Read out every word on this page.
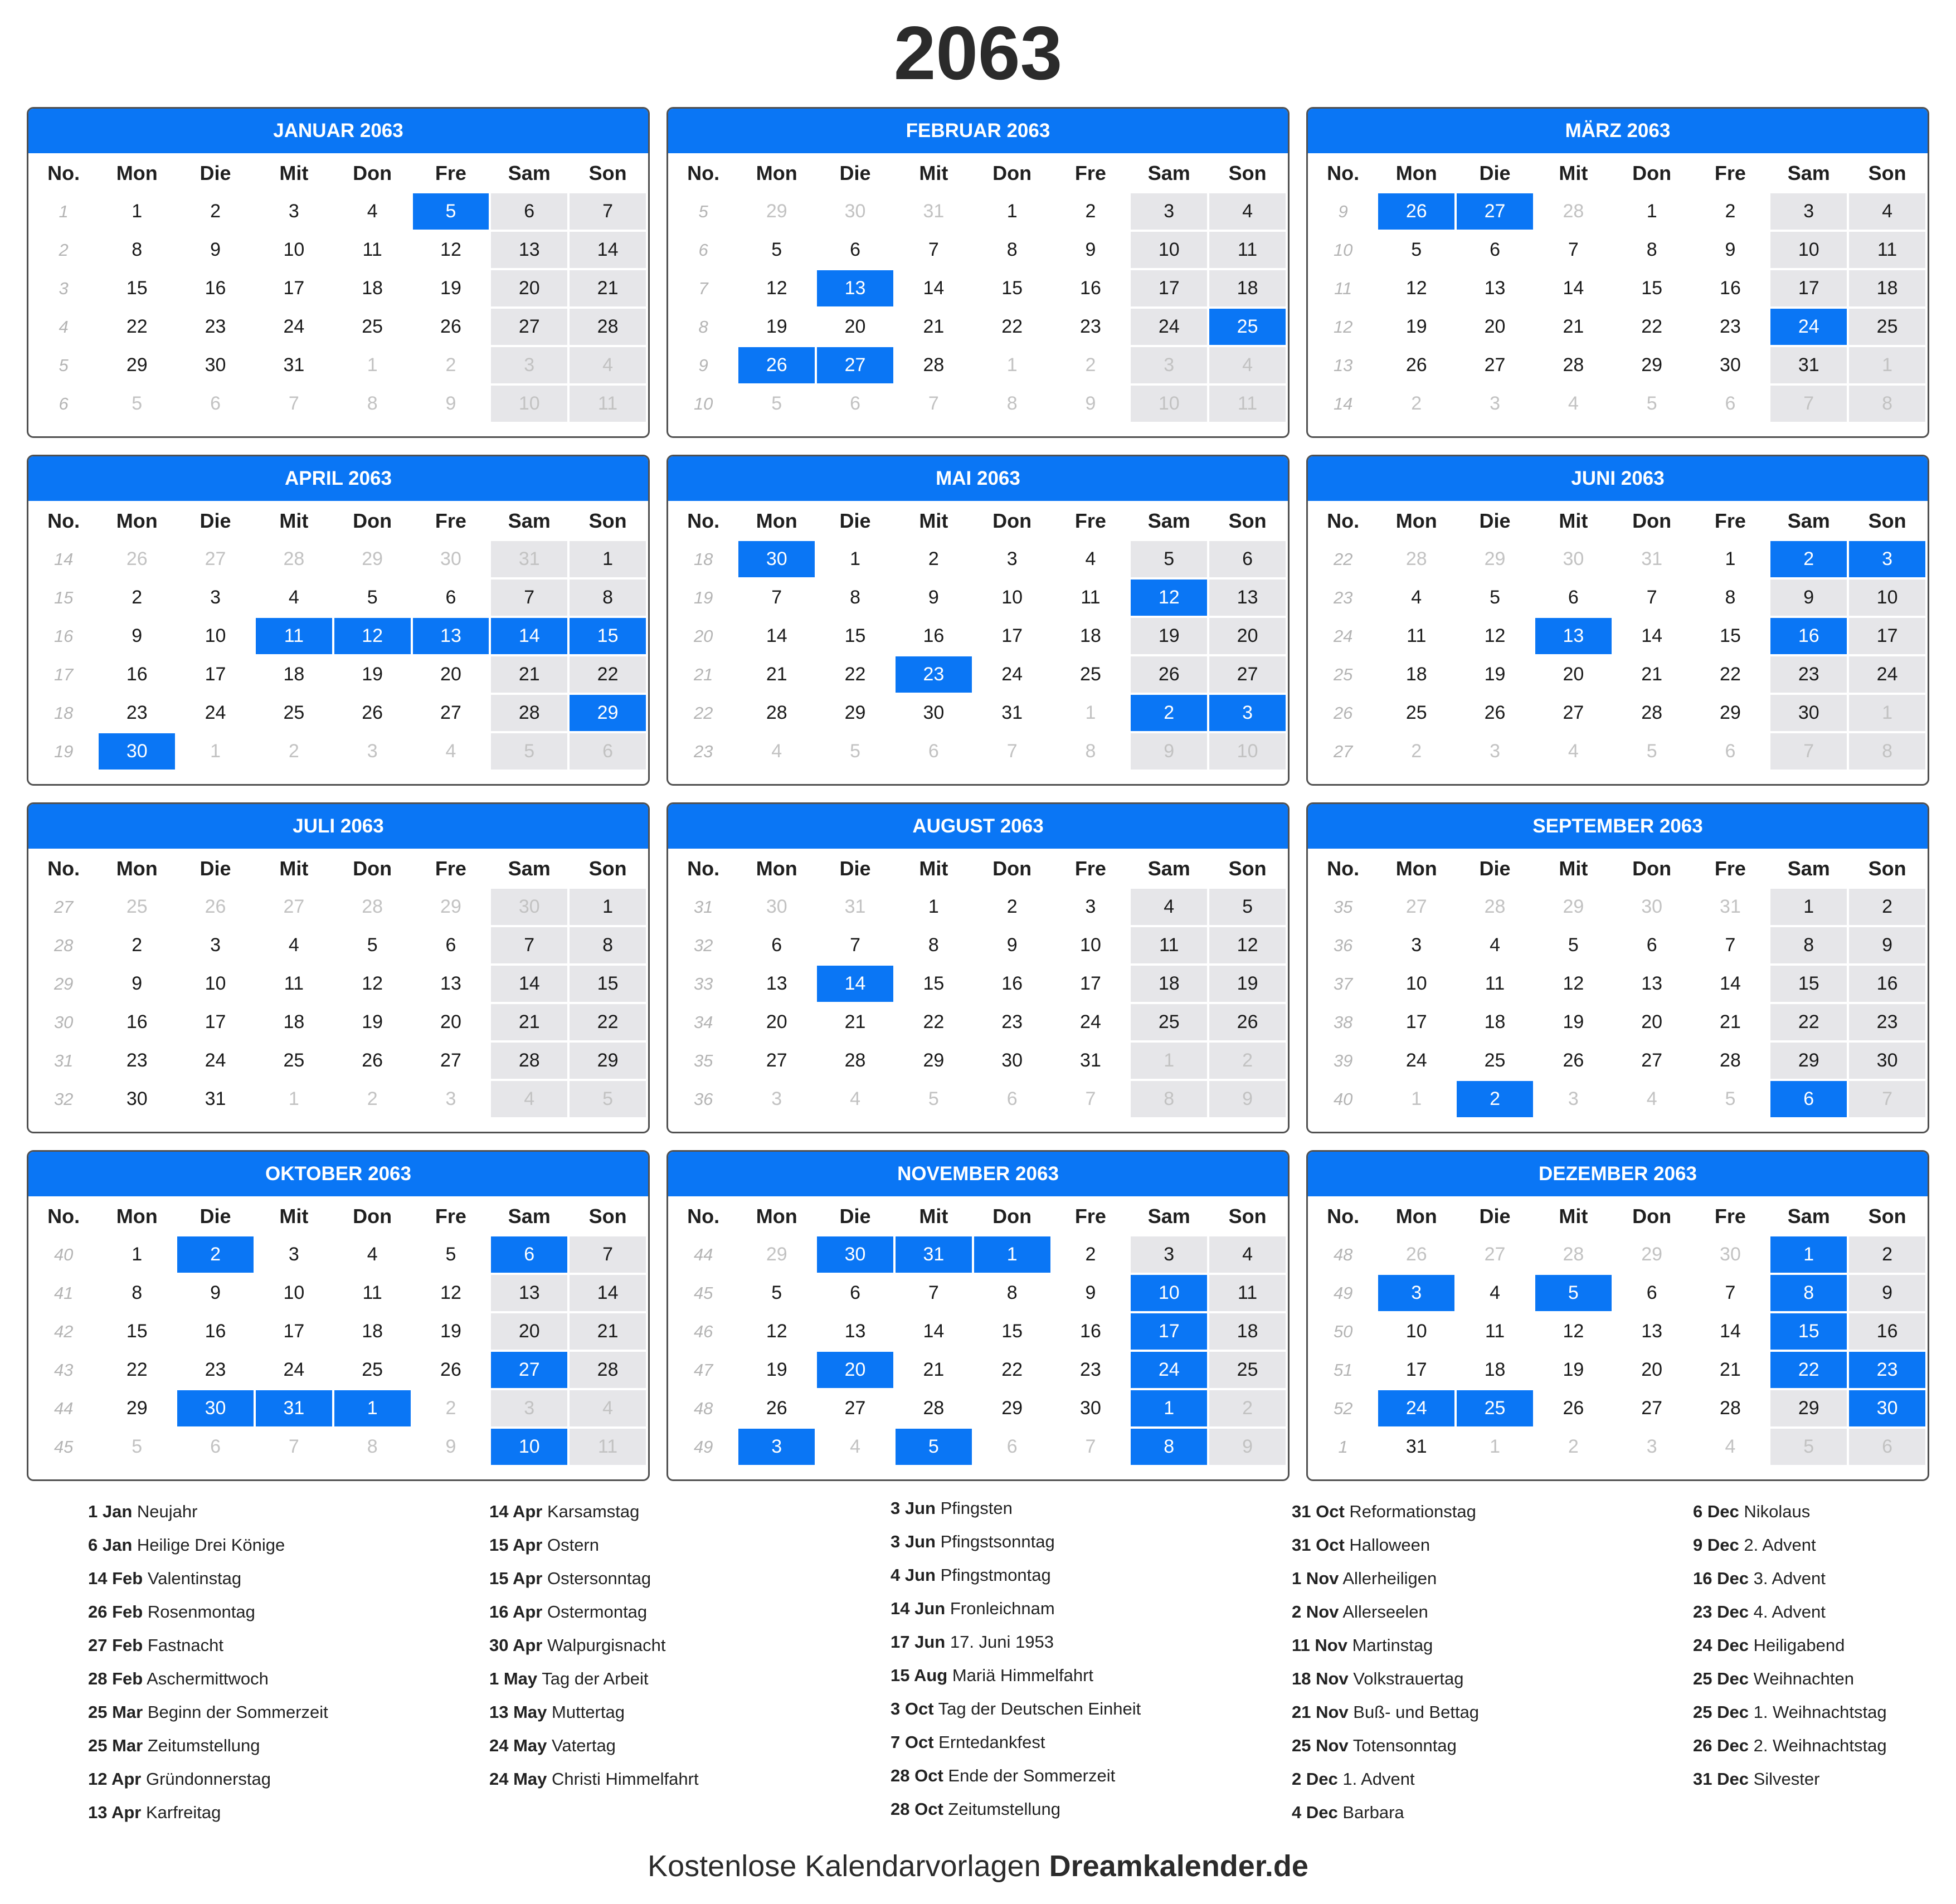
2063
JANUAR 2063
No.	Mon	Die	Mit	Don	Fre	Sam	Son
1	1	2	3	4	5	6	7
2	8	9	10	11	12	13	14
3	15	16	17	18	19	20	21
4	22	23	24	25	26	27	28
5	29	30	31	1	2	3	4
6	5	6	7	8	9	10	11
FEBRUAR 2063
No.	Mon	Die	Mit	Don	Fre	Sam	Son
5	29	30	31	1	2	3	4
6	5	6	7	8	9	10	11
7	12	13	14	15	16	17	18
8	19	20	21	22	23	24	25
9	26	27	28	1	2	3	4
10	5	6	7	8	9	10	11
MÄRZ 2063
No.	Mon	Die	Mit	Don	Fre	Sam	Son
9	26	27	28	1	2	3	4
10	5	6	7	8	9	10	11
11	12	13	14	15	16	17	18
12	19	20	21	22	23	24	25
13	26	27	28	29	30	31	1
14	2	3	4	5	6	7	8
APRIL 2063
No.	Mon	Die	Mit	Don	Fre	Sam	Son
14	26	27	28	29	30	31	1
15	2	3	4	5	6	7	8
16	9	10	11	12	13	14	15
17	16	17	18	19	20	21	22
18	23	24	25	26	27	28	29
19	30	1	2	3	4	5	6
MAI 2063
No.	Mon	Die	Mit	Don	Fre	Sam	Son
18	30	1	2	3	4	5	6
19	7	8	9	10	11	12	13
20	14	15	16	17	18	19	20
21	21	22	23	24	25	26	27
22	28	29	30	31	1	2	3
23	4	5	6	7	8	9	10
JUNI 2063
No.	Mon	Die	Mit	Don	Fre	Sam	Son
22	28	29	30	31	1	2	3
23	4	5	6	7	8	9	10
24	11	12	13	14	15	16	17
25	18	19	20	21	22	23	24
26	25	26	27	28	29	30	1
27	2	3	4	5	6	7	8
JULI 2063
No.	Mon	Die	Mit	Don	Fre	Sam	Son
27	25	26	27	28	29	30	1
28	2	3	4	5	6	7	8
29	9	10	11	12	13	14	15
30	16	17	18	19	20	21	22
31	23	24	25	26	27	28	29
32	30	31	1	2	3	4	5
AUGUST 2063
No.	Mon	Die	Mit	Don	Fre	Sam	Son
31	30	31	1	2	3	4	5
32	6	7	8	9	10	11	12
33	13	14	15	16	17	18	19
34	20	21	22	23	24	25	26
35	27	28	29	30	31	1	2
36	3	4	5	6	7	8	9
SEPTEMBER 2063
No.	Mon	Die	Mit	Don	Fre	Sam	Son
35	27	28	29	30	31	1	2
36	3	4	5	6	7	8	9
37	10	11	12	13	14	15	16
38	17	18	19	20	21	22	23
39	24	25	26	27	28	29	30
40	1	2	3	4	5	6	7
OKTOBER 2063
No.	Mon	Die	Mit	Don	Fre	Sam	Son
40	1	2	3	4	5	6	7
41	8	9	10	11	12	13	14
42	15	16	17	18	19	20	21
43	22	23	24	25	26	27	28
44	29	30	31	1	2	3	4
45	5	6	7	8	9	10	11
NOVEMBER 2063
No.	Mon	Die	Mit	Don	Fre	Sam	Son
44	29	30	31	1	2	3	4
45	5	6	7	8	9	10	11
46	12	13	14	15	16	17	18
47	19	20	21	22	23	24	25
48	26	27	28	29	30	1	2
49	3	4	5	6	7	8	9
DEZEMBER 2063
No.	Mon	Die	Mit	Don	Fre	Sam	Son
48	26	27	28	29	30	1	2
49	3	4	5	6	7	8	9
50	10	11	12	13	14	15	16
51	17	18	19	20	21	22	23
52	24	25	26	27	28	29	30
1	31	1	2	3	4	5	6
1 Jan Neujahr
6 Jan Heilige Drei Könige
14 Feb Valentinstag
26 Feb Rosenmontag
27 Feb Fastnacht
28 Feb Aschermittwoch
25 Mar Beginn der Sommerzeit
25 Mar Zeitumstellung
12 Apr Gründonnerstag
13 Apr Karfreitag
14 Apr Karsamstag
15 Apr Ostern
15 Apr Ostersonntag
16 Apr Ostermontag
30 Apr Walpurgisnacht
1 May Tag der Arbeit
13 May Muttertag
24 May Vatertag
24 May Christi Himmelfahrt
3 Jun Pfingsten
3 Jun Pfingstsonntag
4 Jun Pfingstmontag
14 Jun Fronleichnam
17 Jun 17. Juni 1953
15 Aug Mariä Himmelfahrt
3 Oct Tag der Deutschen Einheit
7 Oct Erntedankfest
28 Oct Ende der Sommerzeit
28 Oct Zeitumstellung
31 Oct Reformationstag
31 Oct Halloween
1 Nov Allerheiligen
2 Nov Allerseelen
11 Nov Martinstag
18 Nov Volkstrauertag
21 Nov Buß- und Bettag
25 Nov Totensonntag
2 Dec 1. Advent
4 Dec Barbara
6 Dec Nikolaus
9 Dec 2. Advent
16 Dec 3. Advent
23 Dec 4. Advent
24 Dec Heiligabend
25 Dec Weihnachten
25 Dec 1. Weihnachtstag
26 Dec 2. Weihnachtstag
31 Dec Silvester
Kostenlose Kalendarvorlagen Dreamkalender.de
